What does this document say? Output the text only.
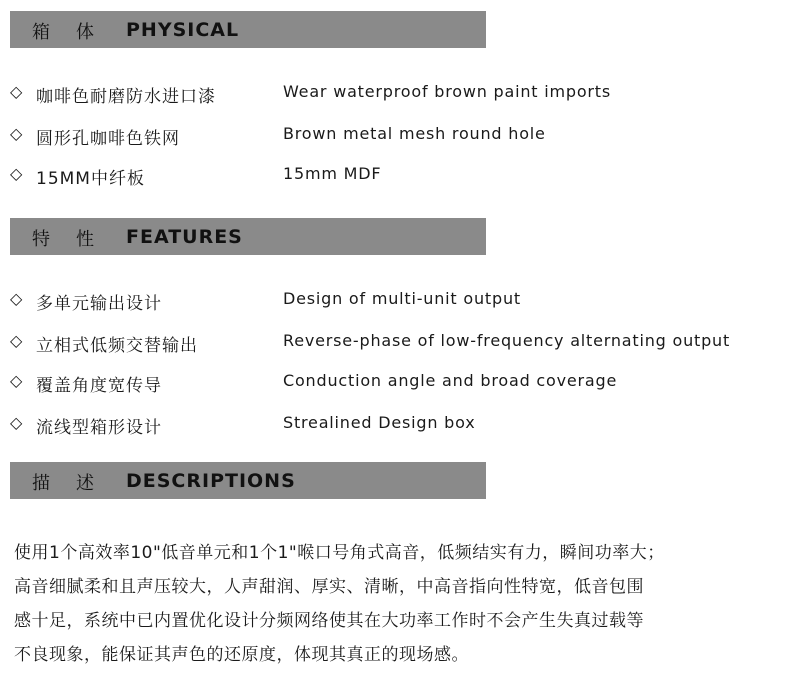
箱体 PHYSICAL
◇ 咖啡色耐磨防水进口漆	Wear waterproof brown paint imports
◇ 圆形孔咖啡色铁网	Brown metal mesh round hole
◇ 15MM中纤板	15mm MDF
特性 FEATURES
◇ 多单元输出设计	Design of multi-unit output
◇ 立相式低频交替输出	Reverse-phase of low-frequency alternating output
◇ 覆盖角度宽传导	Conduction angle and broad coverage
◇ 流线型箱形设计	Strealined Design box
描述 DESCRIPTIONS

使用1个高效率10"低音单元和1个1"喉口号角式高音，低频结实有力，瞬间功率大；

高音细腻柔和且声压较大，人声甜润、厚实、清晰，中高音指向性特宽，低音包围

感十足，系统中已内置优化设计分频网络使其在大功率工作时不会产生失真过载等

不良现象，能保证其声色的还原度，体现其真正的现场感。
